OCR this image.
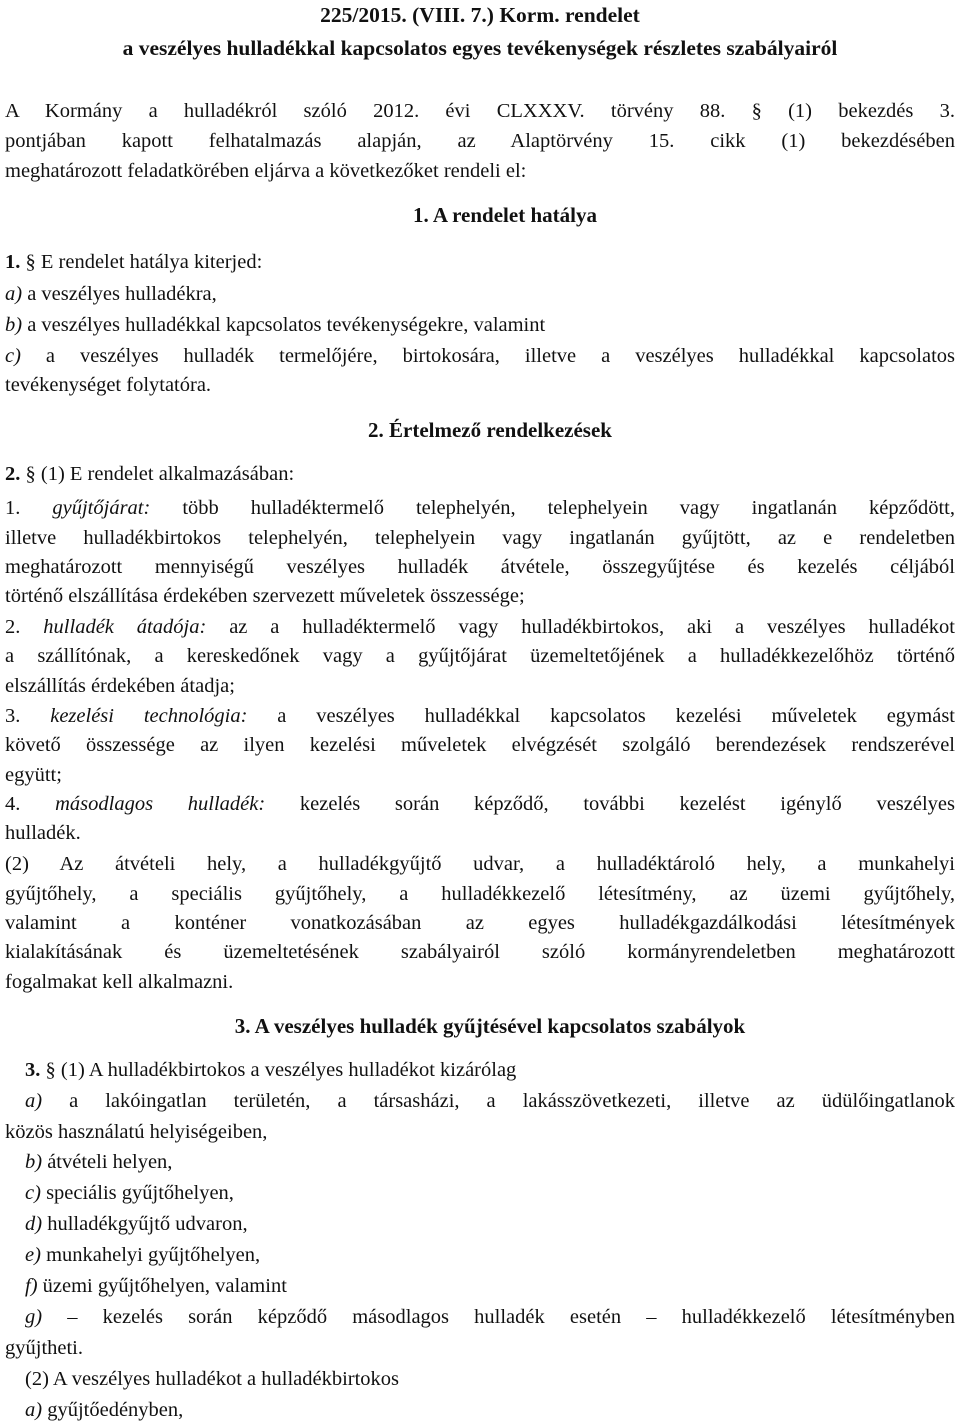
225/2015. (VIII. 7.) Korm. rendelet
a veszélyes hulladékkal kapcsolatos egyes tevékenységek részletes szabályairól
A Kormány a hulladékról szóló 2012. évi CLXXXV. törvény 88. § (1) bekezdés 3.
pontjában kapott felhatalmazás alapján, az Alaptörvény 15. cikk (1) bekezdésében
meghatározott feladatkörében eljárva a következőket rendeli el:
1. A rendelet hatálya
1. § E rendelet hatálya kiterjed:
a) a veszélyes hulladékra,
b) a veszélyes hulladékkal kapcsolatos tevékenységekre, valamint
c) a veszélyes hulladék termelőjére, birtokosára, illetve a veszélyes hulladékkal kapcsolatos
tevékenységet folytatóra.
2. Értelmező rendelkezések
2. § (1) E rendelet alkalmazásában:
1. gyűjtőjárat: több hulladéktermelő telephelyén, telephelyein vagy ingatlanán képződött,
illetve hulladékbirtokos telephelyén, telephelyein vagy ingatlanán gyűjtött, az e rendeletben
meghatározott mennyiségű veszélyes hulladék átvétele, összegyűjtése és kezelés céljából
történő elszállítása érdekében szervezett műveletek összessége;
2. hulladék átadója: az a hulladéktermelő vagy hulladékbirtokos, aki a veszélyes hulladékot
a szállítónak, a kereskedőnek vagy a gyűjtőjárat üzemeltetőjének a hulladékkezelőhöz történő
elszállítás érdekében átadja;
3. kezelési technológia: a veszélyes hulladékkal kapcsolatos kezelési műveletek egymást
követő összessége az ilyen kezelési műveletek elvégzését szolgáló berendezések rendszerével
együtt;
4. másodlagos hulladék: kezelés során képződő, további kezelést igénylő veszélyes
hulladék.
(2) Az átvételi hely, a hulladékgyűjtő udvar, a hulladéktároló hely, a munkahelyi
gyűjtőhely, a speciális gyűjtőhely, a hulladékkezelő létesítmény, az üzemi gyűjtőhely,
valamint a konténer vonatkozásában az egyes hulladékgazdálkodási létesítmények
kialakításának és üzemeltetésének szabályairól szóló kormányrendeletben meghatározott
fogalmakat kell alkalmazni.
3. A veszélyes hulladék gyűjtésével kapcsolatos szabályok
3. § (1) A hulladékbirtokos a veszélyes hulladékot kizárólag
a) a lakóingatlan területén, a társasházi, a lakásszövetkezeti, illetve az üdülőingatlanok
közös használatú helyiségeiben,
b) átvételi helyen,
c) speciális gyűjtőhelyen,
d) hulladékgyűjtő udvaron,
e) munkahelyi gyűjtőhelyen,
f) üzemi gyűjtőhelyen, valamint
g) – kezelés során képződő másodlagos hulladék esetén – hulladékkezelő létesítményben
gyűjtheti.
(2) A veszélyes hulladékot a hulladékbirtokos
a) gyűjtőedényben,
